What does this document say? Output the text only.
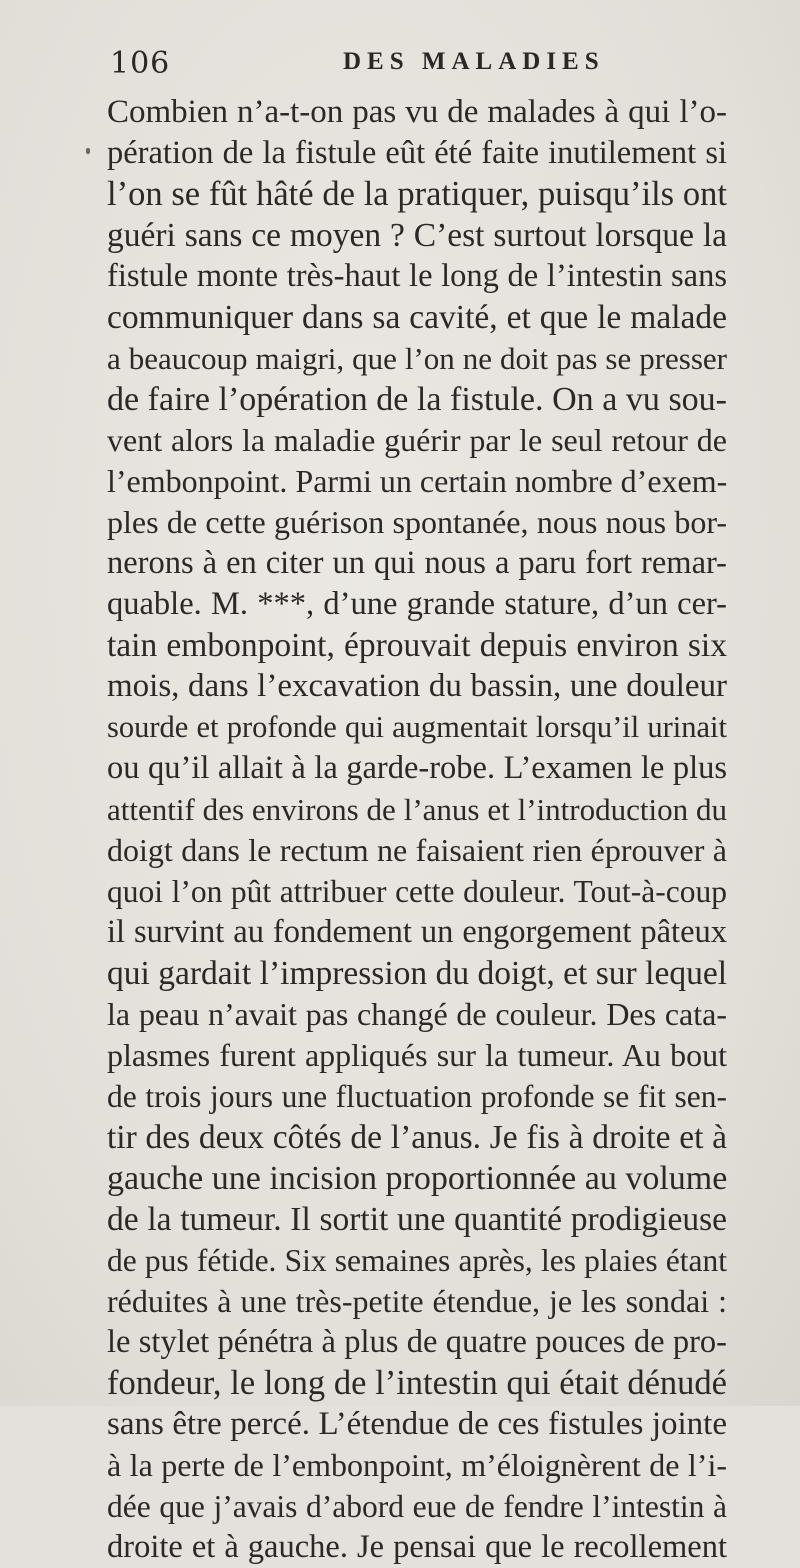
106	DES MALADIES
Combien n’a-t-on pas vu de malades à qui l’o-
pération de la fistule eût été faite inutilement si
l’on se fût hâté de la pratiquer, puisqu’ils ont
guéri sans ce moyen ? C’est surtout lorsque la
fistule monte très-haut le long de l’intestin sans
communiquer dans sa cavité, et que le malade
a beaucoup maigri, que l’on ne doit pas se presser
de faire l’opération de la fistule. On a vu sou-
vent alors la maladie guérir par le seul retour de
l’embonpoint. Parmi un certain nombre d’exem-
ples de cette guérison spontanée, nous nous bor-
nerons à en citer un qui nous a paru fort remar-
quable. M. ***, d’une grande stature, d’un cer-
tain embonpoint, éprouvait depuis environ six
mois, dans l’excavation du bassin, une douleur
sourde et profonde qui augmentait lorsqu’il urinait
ou qu’il allait à la garde-robe. L’examen le plus
attentif des environs de l’anus et l’introduction du
doigt dans le rectum ne faisaient rien éprouver à
quoi l’on pût attribuer cette douleur. Tout-à-coup
il survint au fondement un engorgement pâteux
qui gardait l’impression du doigt, et sur lequel
la peau n’avait pas changé de couleur. Des cata-
plasmes furent appliqués sur la tumeur. Au bout
de trois jours une fluctuation profonde se fit sen-
tir des deux côtés de l’anus. Je fis à droite et à
gauche une incision proportionnée au volume
de la tumeur. Il sortit une quantité prodigieuse
de pus fétide. Six semaines après, les plaies étant
réduites à une très-petite étendue, je les sondai :
le stylet pénétra à plus de quatre pouces de pro-
fondeur, le long de l’intestin qui était dénudé
sans être percé. L’étendue de ces fistules jointe
à la perte de l’embonpoint, m’éloignèrent de l’i-
dée que j’avais d’abord eue de fendre l’intestin à
droite et à gauche. Je pensai que le recollement
